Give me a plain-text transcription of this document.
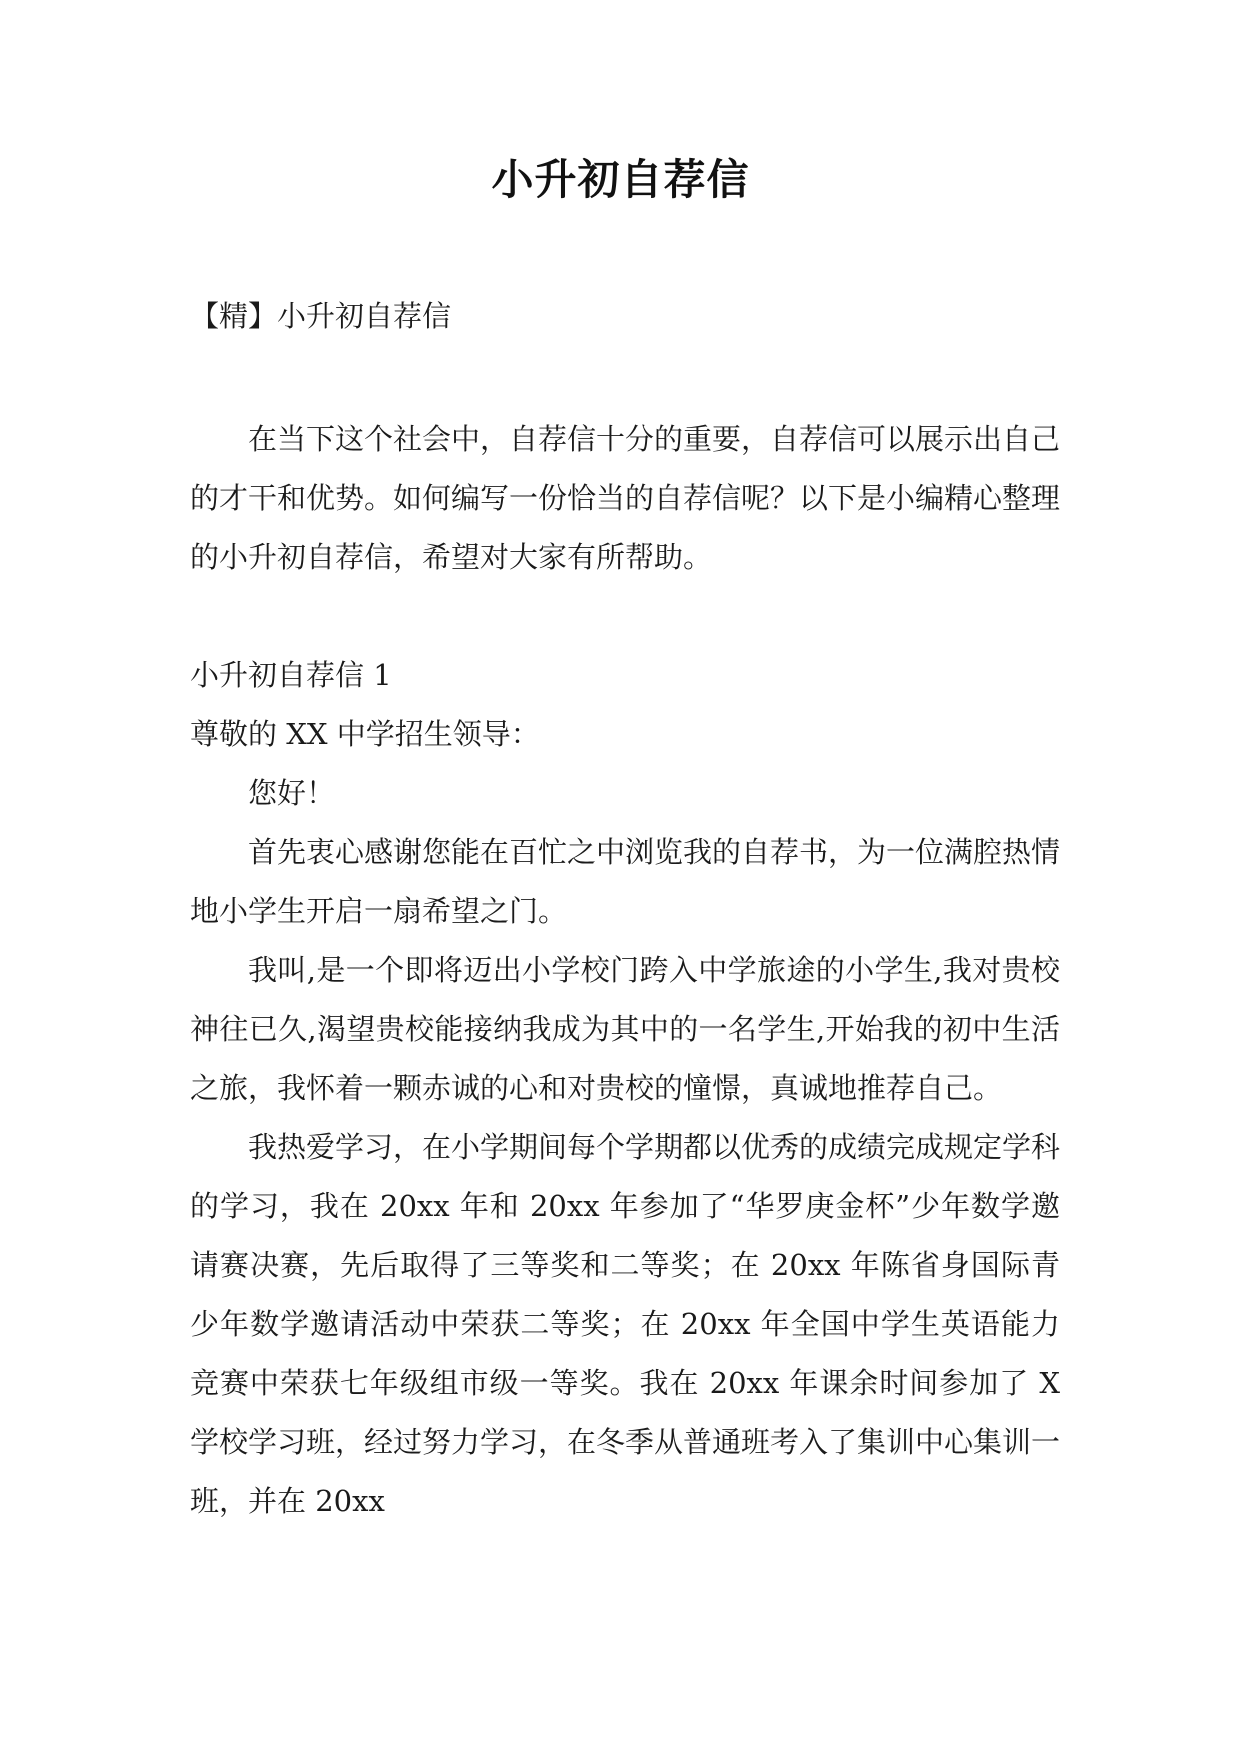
小升初自荐信
【精】小升初自荐信

在当下这个社会中，自荐信十分的重要，自荐信可以展示出自己的才干和优势。如何编写一份恰当的自荐信呢？以下是小编精心整理的小升初自荐信，希望对大家有所帮助。

小升初自荐信 1

尊敬的 XX 中学招生领导：

您好！

首先衷心感谢您能在百忙之中浏览我的自荐书，为一位满腔热情地小学生开启一扇希望之门。

我叫,是一个即将迈出小学校门跨入中学旅途的小学生,我对贵校神往已久,渴望贵校能接纳我成为其中的一名学生,开始我的初中生活之旅，我怀着一颗赤诚的心和对贵校的憧憬，真诚地推荐自己。

我热爱学习，在小学期间每个学期都以优秀的成绩完成规定学科的学习，我在 20xx 年和 20xx 年参加了“华罗庚金杯”少年数学邀请赛决赛，先后取得了三等奖和二等奖；在 20xx 年陈省身国际青少年数学邀请活动中荣获二等奖；在 20xx 年全国中学生英语能力竞赛中荣获七年级组市级一等奖。我在 20xx 年课余时间参加了 X 学校学习班，经过努力学习，在冬季从普通班考入了集训中心集训一班，并在 20xx
